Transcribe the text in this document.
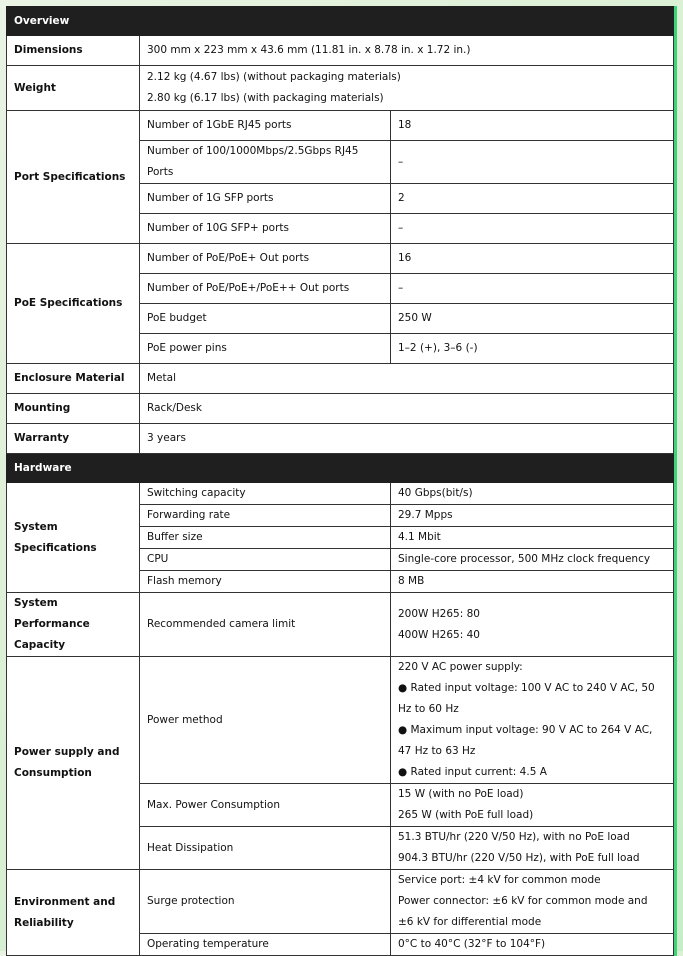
Overview		
Dimensions	300 mm x 223 mm x 43.6 mm (11.81 in. x 8.78 in. x 1.72 in.)	
Weight	2.12 kg (4.67 lbs) (without packaging materials)
2.80 kg (6.17 lbs) (with packaging materials)	

Port Specifications	Number of 1GbE RJ45 ports	18
	Number of 100/1000Mbps/2.5Gbps RJ45 Ports	–
	Number of 1G SFP ports	2
	Number of 10G SFP+ ports	–
PoE Specifications	Number of PoE/PoE+ Out ports	16
	Number of PoE/PoE+/PoE++ Out ports	–
	PoE budget	250 W
	PoE power pins	1–2 (+), 3–6 (-)
Enclosure Material	Metal	
Mounting	Rack/Desk	
Warranty	3 years	
Hardware		
System Specifications	Switching capacity	40 Gbps(bit/s)
	Forwarding rate	29.7 Mpps
	Buffer size	4.1 Mbit
	CPU	Single-core processor, 500 MHz clock frequency
	Flash memory	8 MB
System Performance Capacity	Recommended camera limit	200W H265: 80
400W H265: 40

Power supply and Consumption	Power method	220 V AC power supply:
● Rated input voltage: 100 V AC to 240 V AC, 50 Hz to 60 Hz
● Maximum input voltage: 90 V AC to 264 V AC, 47 Hz to 63 Hz
● Rated input current: 4.5 A

	Max. Power Consumption	15 W (with no PoE load)
265 W (with PoE full load)

	Heat Dissipation	51.3 BTU/hr (220 V/50 Hz), with no PoE load
904.3 BTU/hr (220 V/50 Hz), with PoE full load

Environment and Reliability	Surge protection	Service port: ±4 kV for common mode
Power connector: ±6 kV for common mode and ±6 kV for differential mode

	Operating temperature	0°C to 40°C (32°F to 104°F)
